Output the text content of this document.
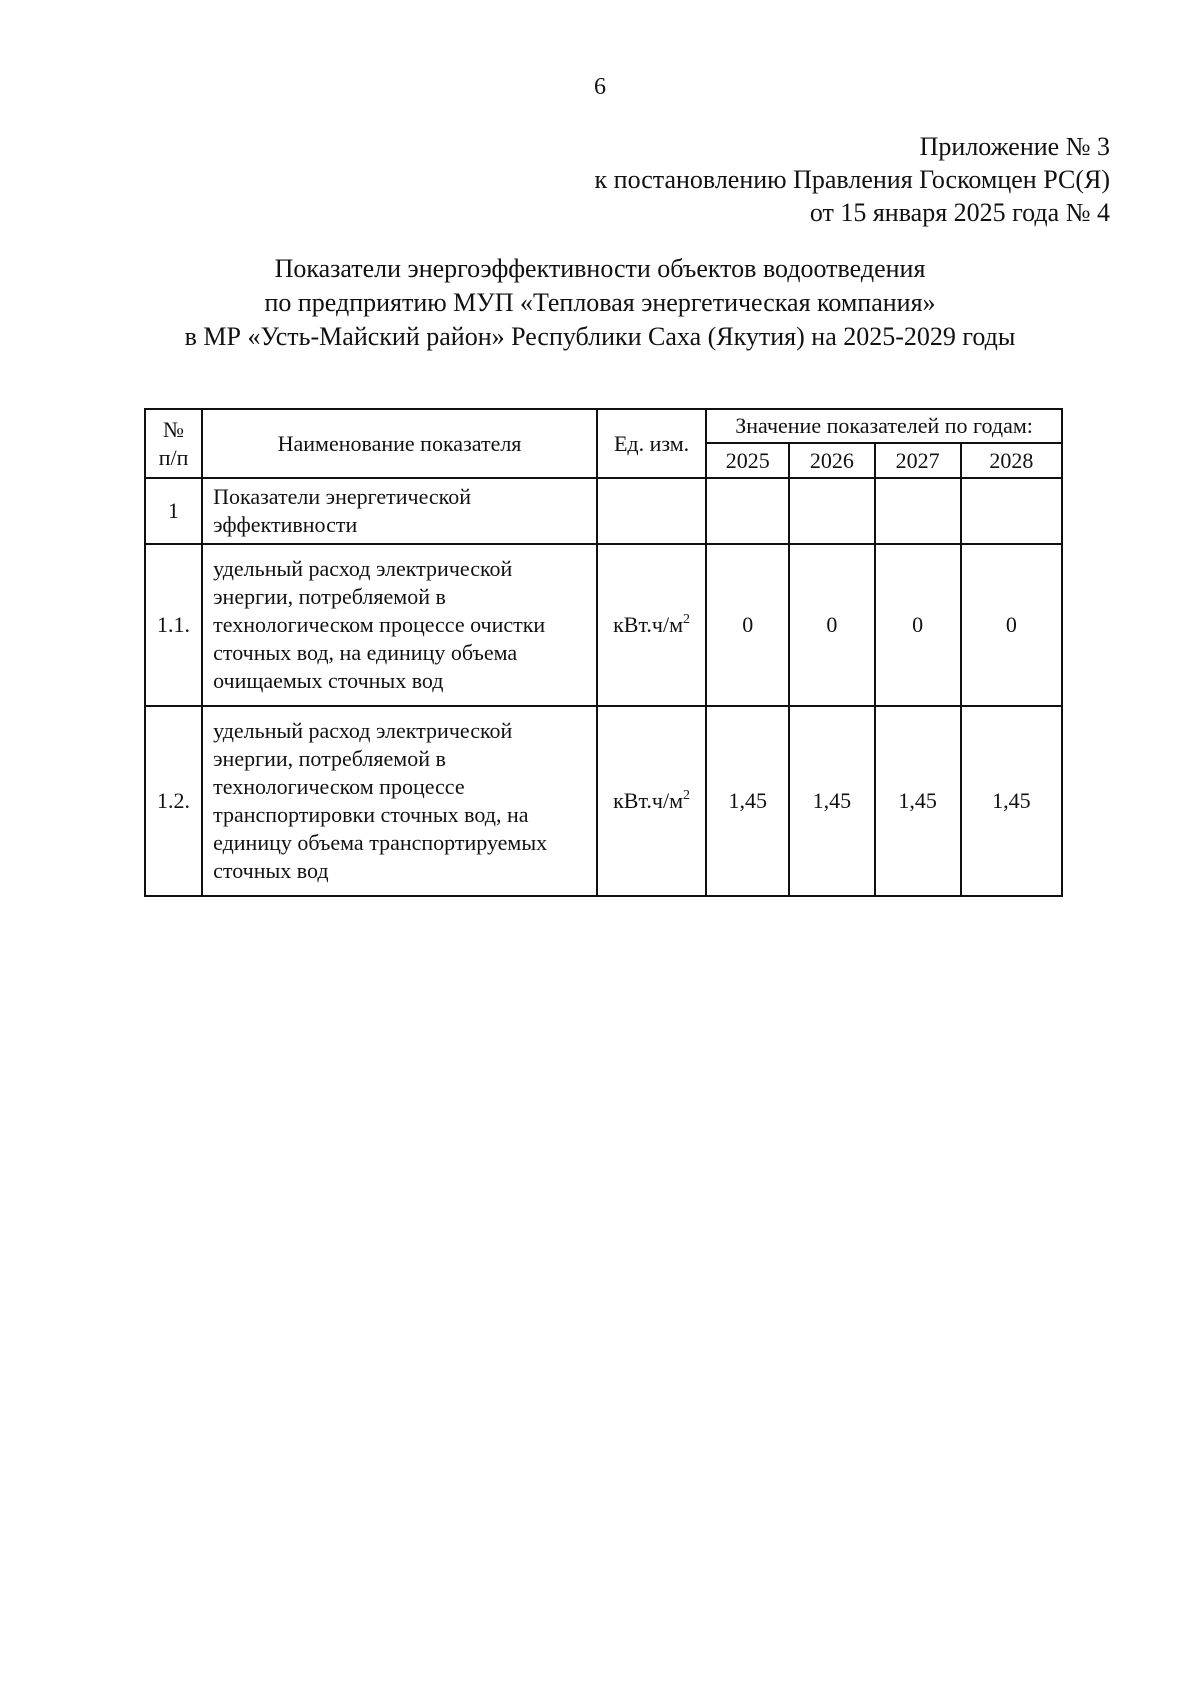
6
Приложение № 3
к постановлению Правления Госкомцен РС(Я)
от 15 января 2025 года № 4
Показатели энергоэффективности объектов водоотведения
по предприятию МУП «Тепловая энергетическая компания»
в МР «Усть-Майский район» Республики Саха (Якутия) на 2025-2029 годы
№
п/п	Наименование показателя	Ед. изм.	Значение показателей по годам:			
			2025	2026	2027	2028
1	Показатели энергетической эффективности					
1.1.	удельный расход электрической энергии, потребляемой в технологическом процессе очистки сточных вод, на единицу объема очищаемых сточных вод	$кВт.ч/м^2$	0	0	0	0
1.2.	удельный расход электрической энергии, потребляемой в технологическом процессе транспортировки сточных вод, на единицу объема транспортируемых сточных вод	$кВт.ч/м^2$	1,45	1,45	1,45	1,45
